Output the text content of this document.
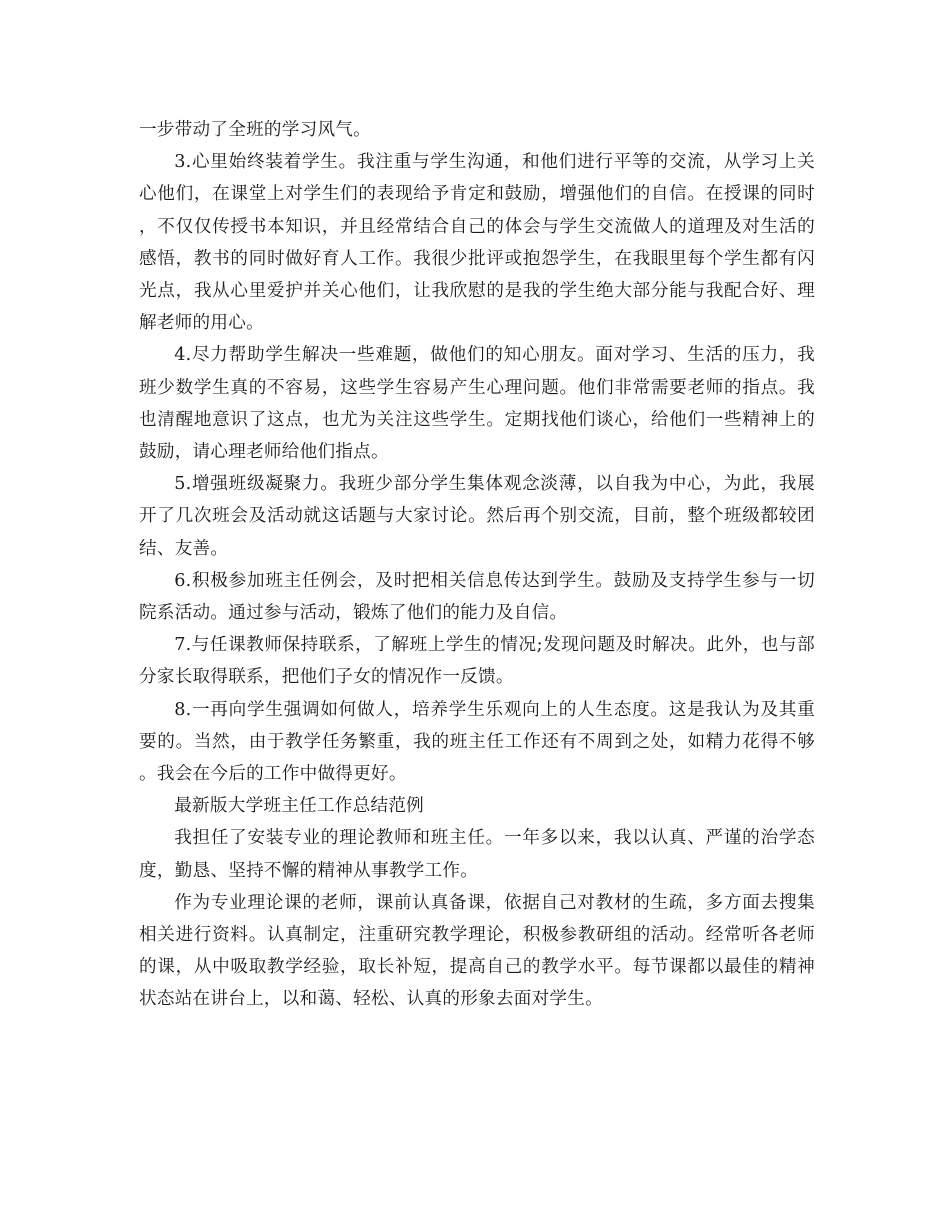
一步带动了全班的学习风气。

3.心里始终装着学生。我注重与学生沟通，和他们进行平等的交流，从学习上关心他们，在课堂上对学生们的表现给予肯定和鼓励，增强他们的自信。在授课的同时，不仅仅传授书本知识，并且经常结合自己的体会与学生交流做人的道理及对生活的感悟，教书的同时做好育人工作。我很少批评或抱怨学生，在我眼里每个学生都有闪光点，我从心里爱护并关心他们，让我欣慰的是我的学生绝大部分能与我配合好、理解老师的用心。

4.尽力帮助学生解决一些难题，做他们的知心朋友。面对学习、生活的压力，我班少数学生真的不容易，这些学生容易产生心理问题。他们非常需要老师的指点。我也清醒地意识了这点，也尤为关注这些学生。定期找他们谈心，给他们一些精神上的鼓励，请心理老师给他们指点。

5.增强班级凝聚力。我班少部分学生集体观念淡薄，以自我为中心，为此，我展开了几次班会及活动就这话题与大家讨论。然后再个别交流，目前，整个班级都较团结、友善。

6.积极参加班主任例会，及时把相关信息传达到学生。鼓励及支持学生参与一切院系活动。通过参与活动，锻炼了他们的能力及自信。

7.与任课教师保持联系，了解班上学生的情况;发现问题及时解决。此外，也与部分家长取得联系，把他们子女的情况作一反馈。

8.一再向学生强调如何做人，培养学生乐观向上的人生态度。这是我认为及其重要的。当然，由于教学任务繁重，我的班主任工作还有不周到之处，如精力花得不够。我会在今后的工作中做得更好。

最新版大学班主任工作总结范例

我担任了安装专业的理论教师和班主任。一年多以来，我以认真、严谨的治学态度，勤恳、坚持不懈的精神从事教学工作。

作为专业理论课的老师，课前认真备课，依据自己对教材的生疏，多方面去搜集相关进行资料。认真制定，注重研究教学理论，积极参教研组的活动。经常听各老师的课，从中吸取教学经验，取长补短，提高自己的教学水平。每节课都以最佳的精神状态站在讲台上，以和蔼、轻松、认真的形象去面对学生。
